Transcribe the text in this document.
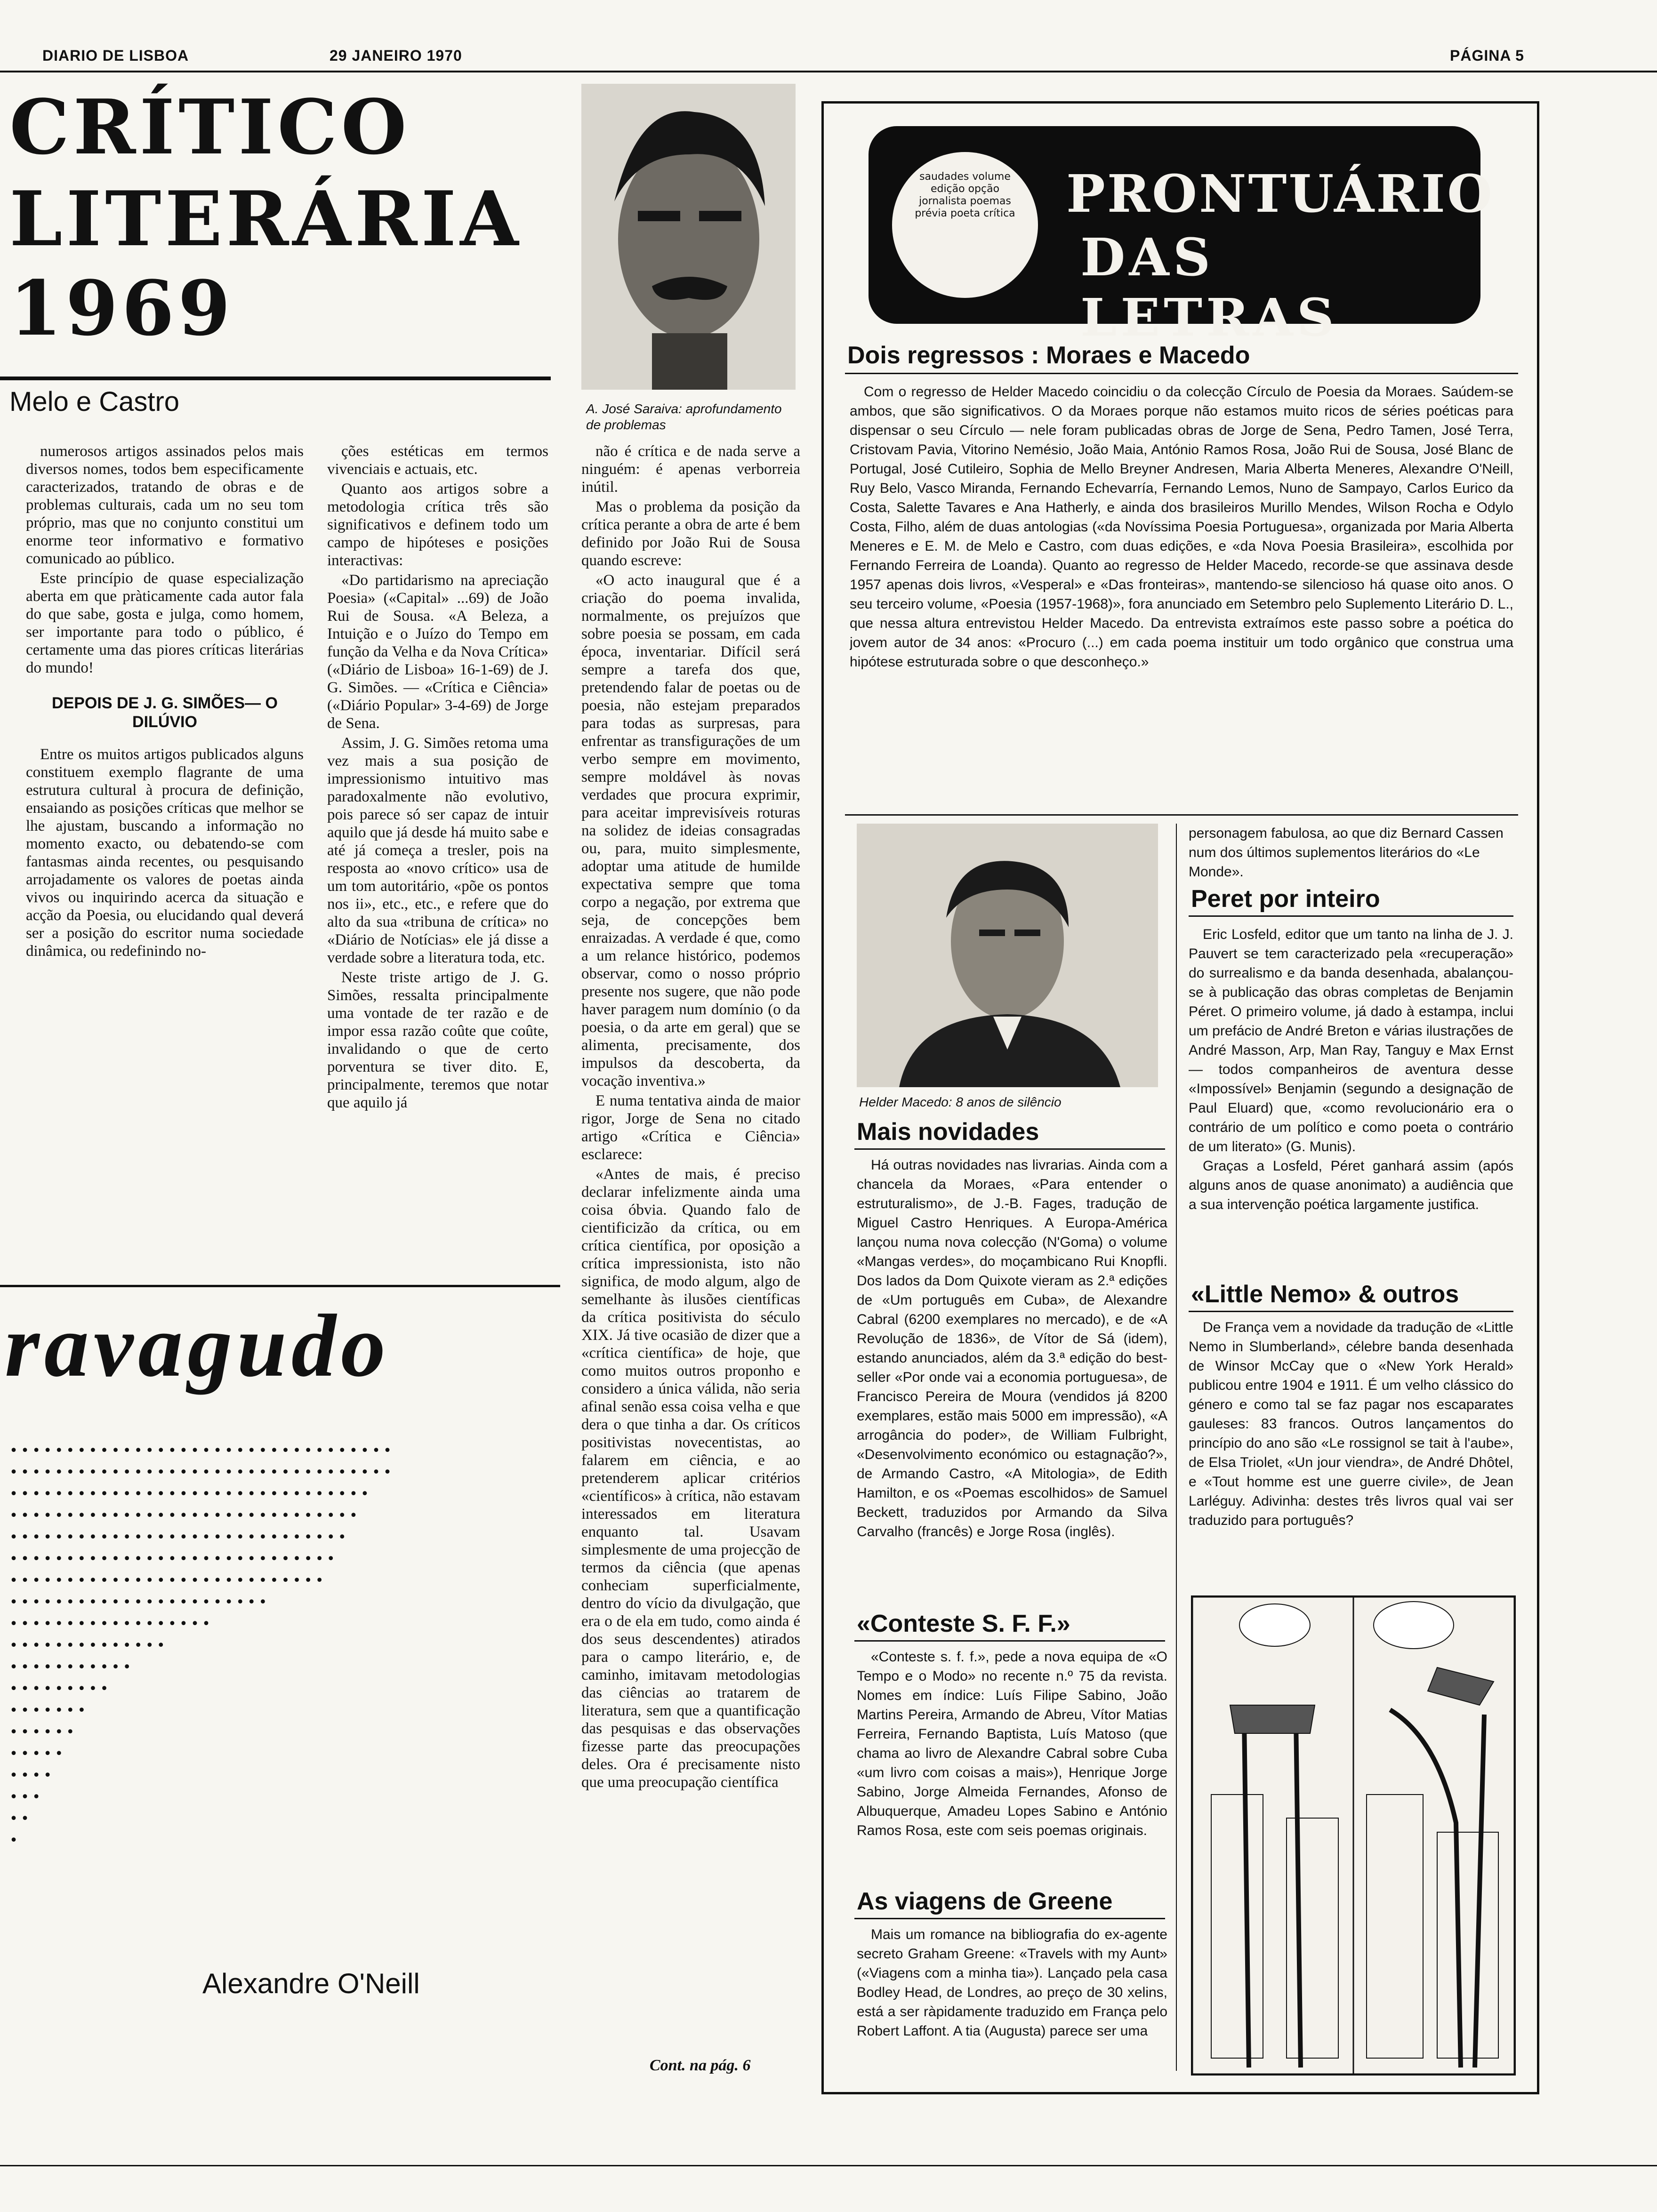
DIARIO DE LISBOA	29 JANEIRO 1970	PÁGINA 5
CRÍTICO
LITERÁRIA
1969
Melo e Castro	A. José Saraiva: aprofundamento de problemas

numerosos artigos assinados pelos mais diversos nomes, todos bem especificamente caracterizados, tratando de obras e de problemas culturais, cada um no seu tom próprio, mas que no conjunto constitui um enorme teor informativo e formativo comunicado ao público.

Este princípio de quase especialização aberta em que pràticamente cada autor fala do que sabe, gosta e julga, como homem, ser importante para todo o público, é certamente uma das piores críticas literárias do mundo!

DEPOIS DE J. G. SIMÕES— O DILÚVIO

Entre os muitos artigos publicados alguns constituem exemplo flagrante de uma estrutura cultural à procura de definição, ensaiando as posições críticas que melhor se lhe ajustam, buscando a informação no momento exacto, ou debatendo-se com fantasmas ainda recentes, ou pesquisando arrojadamente os valores de poetas ainda vivos ou inquirindo acerca da situação e acção da Poesia, ou elucidando qual deverá ser a posição do escritor numa sociedade dinâmica, ou redefinindo no-

ções estéticas em termos vivenciais e actuais, etc.

Quanto aos artigos sobre a metodologia crítica três são significativos e definem todo um campo de hipóteses e posições interactivas:

«Do partidarismo na apreciação Poesia» («Capital» ...69) de João Rui de Sousa. «A Beleza, a Intuição e o Juízo do Tempo em função da Velha e da Nova Crítica» («Diário de Lisboa» 16-1-69) de J. G. Simões. — «Crítica e Ciência» («Diário Popular» 3-4-69) de Jorge de Sena.

Assim, J. G. Simões retoma uma vez mais a sua posição de impressionismo intuitivo mas paradoxalmente não evolutivo, pois parece só ser capaz de intuir aquilo que já desde há muito sabe e até já começa a tresler, pois na resposta ao «novo crítico» usa de um tom autoritário, «põe os pontos nos ii», etc., etc., e refere que do alto da sua «tribuna de crítica» no «Diário de Notícias» ele já disse a verdade sobre a literatura toda, etc.

Neste triste artigo de J. G. Simões, ressalta principalmente uma vontade de ter razão e de impor essa razão coûte que coûte, invalidando o que de certo porventura se tiver dito. E, principalmente, teremos que notar que aquilo já

não é crítica e de nada serve a ninguém: é apenas verborreia inútil.

Mas o problema da posição da crítica perante a obra de arte é bem definido por João Rui de Sousa quando escreve:

«O acto inaugural que é a criação do poema invalida, normalmente, os prejuízos que sobre poesia se possam, em cada época, inventariar. Difícil será sempre a tarefa dos que, pretendendo falar de poetas ou de poesia, não estejam preparados para todas as surpresas, para enfrentar as transfigurações de um verbo sempre em movimento, sempre moldável às novas verdades que procura exprimir, para aceitar imprevisíveis roturas na solidez de ideias consagradas ou, para, muito simplesmente, adoptar uma atitude de humilde expectativa sempre que toma corpo a negação, por extrema que seja, de concepções bem enraizadas. A verdade é que, como a um relance histórico, podemos observar, como o nosso próprio presente nos sugere, que não pode haver paragem num domínio (o da poesia, o da arte em geral) que se alimenta, precisamente, dos impulsos da descoberta, da vocação inventiva.»

E numa tentativa ainda de maior rigor, Jorge de Sena no citado artigo «Crítica e Ciência» esclarece:

«Antes de mais, é preciso declarar infelizmente ainda uma coisa óbvia. Quando falo de cientificizão da crítica, ou em crítica científica, por oposição a crítica impressionista, isto não significa, de modo algum, algo de semelhante às ilusões científicas da crítica positivista do século XIX. Já tive ocasião de dizer que a «crítica científica» de hoje, que como muitos outros proponho e considero a única válida, não seria afinal senão essa coisa velha e que dera o que tinha a dar. Os críticos positivistas novecentistas, ao falarem em ciência, e ao pretenderem aplicar critérios «científicos» à crítica, não estavam interessados em literatura enquanto tal. Usavam simplesmente de uma projecção de termos da ciência (que apenas conheciam superficialmente, dentro do vício da divulgação, que era o de ela em tudo, como ainda é dos seus descendentes) atirados para o campo literário, e, de caminho, imitavam metodologias das ciências ao tratarem de literatura, sem que a quantificação das pesquisas e das observações fizesse parte das preocupações deles. Ora é precisamente nisto que uma preocupação científica

Cont. na pág. 6
ravagudo
••••••••••••••••••••••••••••••••••
••••••••••••••••••••••••••••••••••
••••••••••••••••••••••••••••••••
•••••••••••••••••••••••••••••••
••••••••••••••••••••••••••••••
•••••••••••••••••••••••••••••
••••••••••••••••••••••••••••
•••••••••••••••••••••••
••••••••••••••••••
••••••••••••••
•••••••••••
•••••••••
•••••••
••••••
•••••
••••
•••
••
•
Alexandre O'Neill
saudades volume edição opção jornalista poemas prévia poeta crítica PRONTUÁRIO
DAS LETRAS
Dois regressos : Moraes e Macedo

Com o regresso de Helder Macedo coincidiu o da colecção Círculo de Poesia da Moraes. Saúdem-se ambos, que são significativos. O da Moraes porque não estamos muito ricos de séries poéticas para dispensar o seu Círculo — nele foram publicadas obras de Jorge de Sena, Pedro Tamen, José Terra, Cristovam Pavia, Vitorino Nemésio, João Maia, António Ramos Rosa, João Rui de Sousa, José Blanc de Portugal, José Cutileiro, Sophia de Mello Breyner Andresen, Maria Alberta Meneres, Alexandre O'Neill, Ruy Belo, Vasco Miranda, Fernando Echevarría, Fernando Lemos, Nuno de Sampayo, Carlos Eurico da Costa, Salette Tavares e Ana Hatherly, e ainda dos brasileiros Murillo Mendes, Wilson Rocha e Odylo Costa, Filho, além de duas antologias («da Novíssima Poesia Portuguesa», organizada por Maria Alberta Meneres e E. M. de Melo e Castro, com duas edições, e «da Nova Poesia Brasileira», escolhida por Fernando Ferreira de Loanda). Quanto ao regresso de Helder Macedo, recorde-se que assinava desde 1957 apenas dois livros, «Vesperal» e «Das fronteiras», mantendo-se silencioso há quase oito anos. O seu terceiro volume, «Poesia (1957-1968)», fora anunciado em Setembro pelo Suplemento Literário D. L., que nessa altura entrevistou Helder Macedo. Da entrevista extraímos este passo sobre a poética do jovem autor de 34 anos: «Procuro (...) em cada poema instituir um todo orgânico que construa uma hipótese estruturada sobre o que desconheço.»

Helder Macedo: 8 anos de silêncio

personagem fabulosa, ao que diz Bernard Cassen num dos últimos suplementos literários do «Le Monde».

Peret por inteiro

Eric Losfeld, editor que um tanto na linha de J. J. Pauvert se tem caracterizado pela «recuperação» do surrealismo e da banda desenhada, abalançou-se à publicação das obras completas de Benjamin Péret. O primeiro volume, já dado à estampa, inclui um prefácio de André Breton e várias ilustrações de André Masson, Arp, Man Ray, Tanguy e Max Ernst — todos companheiros de aventura desse «Impossível» Benjamin (segundo a designação de Paul Eluard) que, «como revolucionário era o contrário de um político e como poeta o contrário de um literato» (G. Munis).

Graças a Losfeld, Péret ganhará assim (após alguns anos de quase anonimato) a audiência que a sua intervenção poética largamente justifica.

«Little Nemo» & outros

De França vem a novidade da tradução de «Little Nemo in Slumberland», célebre banda desenhada de Winsor McCay que o «New York Herald» publicou entre 1904 e 1911. É um velho clássico do género e como tal se faz pagar nos escaparates gauleses: 83 francos. Outros lançamentos do princípio do ano são «Le rossignol se tait à l'aube», de Elsa Triolet, «Un jour viendra», de André Dhôtel, e «Tout homme est une guerre civile», de Jean Larléguy. Adivinha: destes três livros qual vai ser traduzido para português?

Mais novidades

Há outras novidades nas livrarias. Ainda com a chancela da Moraes, «Para entender o estruturalismo», de J.-B. Fages, tradução de Miguel Castro Henriques. A Europa-América lançou numa nova colecção (N'Goma) o volume «Mangas verdes», do moçambicano Rui Knopfli. Dos lados da Dom Quixote vieram as 2.ª edições de «Um português em Cuba», de Alexandre Cabral (6200 exemplares no mercado), e de «A Revolução de 1836», de Vítor de Sá (idem), estando anunciados, além da 3.ª edição do best-seller «Por onde vai a economia portuguesa», de Francisco Pereira de Moura (vendidos já 8200 exemplares, estão mais 5000 em impressão), «A arrogância do poder», de William Fulbright, «Desenvolvimento económico ou estagnação?», de Armando Castro, «A Mitologia», de Edith Hamilton, e os «Poemas escolhidos» de Samuel Beckett, traduzidos por Armando da Silva Carvalho (francês) e Jorge Rosa (inglês).

«Conteste S. F. F.»

«Conteste s. f. f.», pede a nova equipa de «O Tempo e o Modo» no recente n.º 75 da revista. Nomes em índice: Luís Filipe Sabino, João Martins Pereira, Armando de Abreu, Vítor Matias Ferreira, Fernando Baptista, Luís Matoso (que chama ao livro de Alexandre Cabral sobre Cuba «um livro com coisas a mais»), Henrique Jorge Sabino, Jorge Almeida Fernandes, Afonso de Albuquerque, Amadeu Lopes Sabino e António Ramos Rosa, este com seis poemas originais.

As viagens de Greene

Mais um romance na bibliografia do ex-agente secreto Graham Greene: «Travels with my Aunt» («Viagens com a minha tia»). Lançado pela casa Bodley Head, de Londres, ao preço de 30 xelins, está a ser ràpidamente traduzido em França pelo Robert Laffont. A tia (Augusta) parece ser uma
